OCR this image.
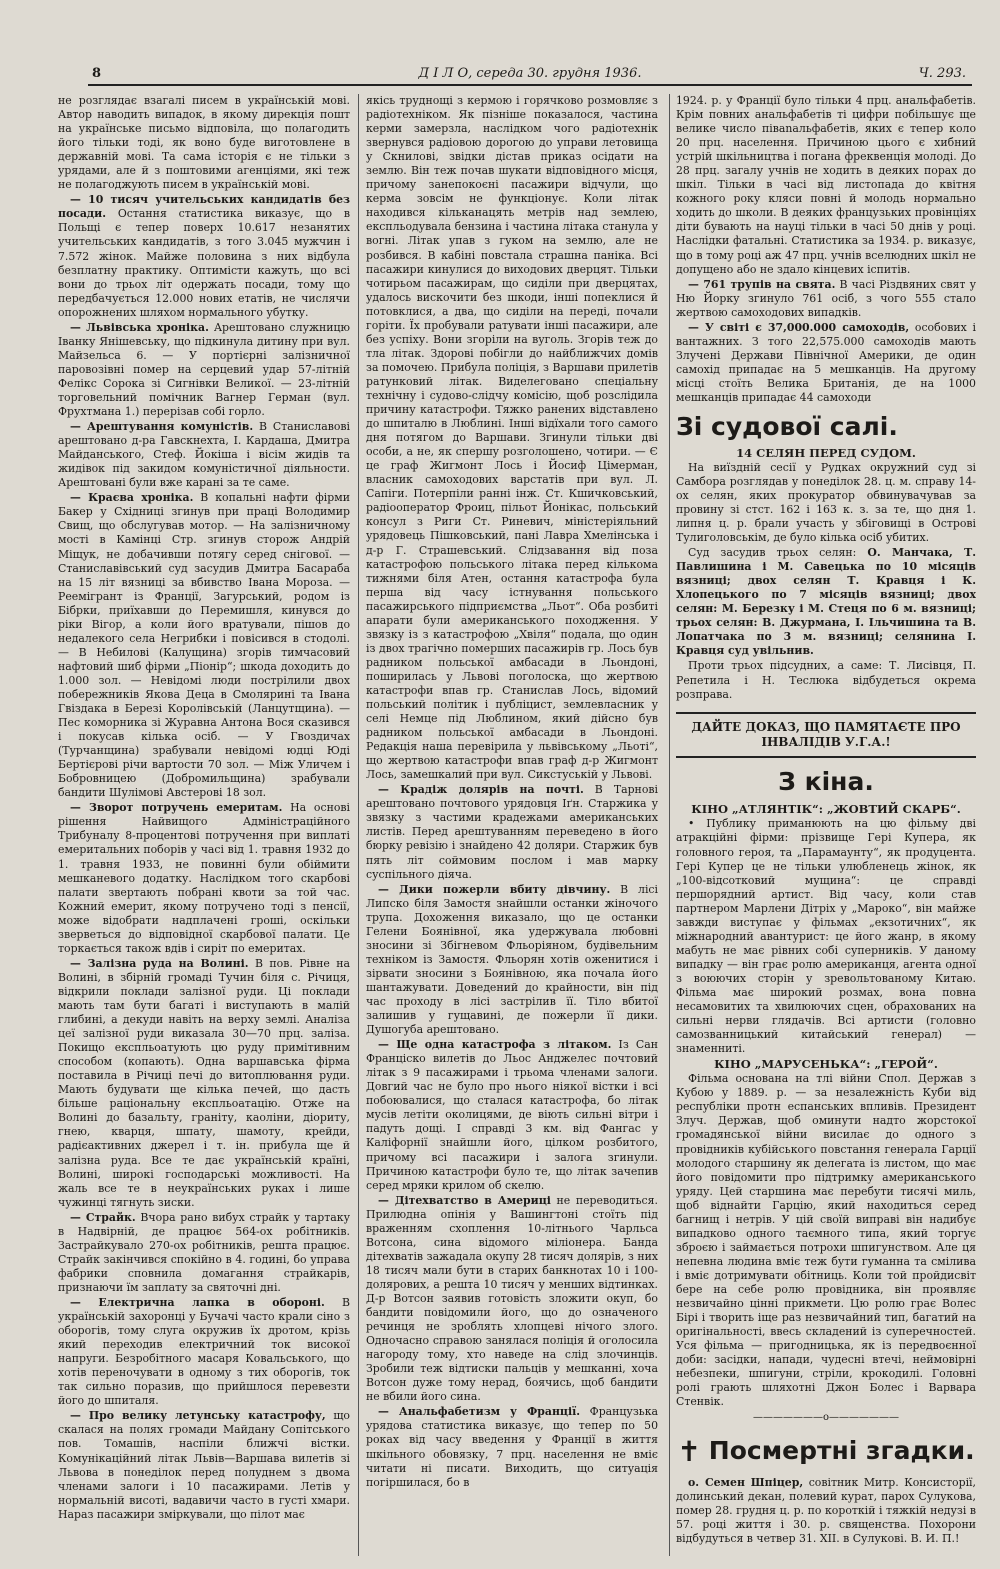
8	Д І Л О, середа 30. грудня 1936.	Ч. 293.

не розглядає взагалі писем в українській мові. Автор наводить випадок, в якому дирекція пошт на українське письмо відповіла, що полагодить його тільки тоді, як воно буде виготовлене в державній мові. Та сама історія є не тільки з урядами, але й з поштовими агенціями, які теж не полагоджують писем в українській мові.

— 10 тисяч учительських кандидатів без посади. Остання статистика виказує, що в Польщі є тепер поверх 10.617 незанятих учительських кандидатів, з того 3.045 мужчин і 7.572 жінок. Майже половина з них відбула безплатну практику. Оптимісти кажуть, що всі вони до трьох літ одержать посади, тому що передбачується 12.000 нових етатів, не числячи опорожнених шляхом нормального убутку.

— Львівська хроніка. Арештовано служницю Іванку Янішевську, що підкинула дитину при вул. Майзельса 6. — У портієрні залізничної паровозівні помер на серцевий удар 57-літній Фелікс Сорока зі Сигнівки Великої. — 23-літній торговельний помічник Вагнер Герман (вул. Фрухтмана 1.) перерізав собі горло.

— Арештування комуністів. В Станиславові арештовано д-ра Гавскнехта, І. Кардаша, Дмитра Майданського, Стеф. Йокіша і вісім жидів та жидівок під закидом комуністичної діяльности. Арештовані були вже карані за те саме.

— Краєва хроніка. В копальні нафти фірми Бакер у Східниці згинув при праці Володимир Свищ, що обслугував мотор. — На залізничному мості в Камінці Стр. згинув сторож Андрій Міщук, не добачивши потягу серед снігової. — Станиславівський суд засудив Дмитра Басараба на 15 літ вязниці за вбивство Івана Мороза. — Реемігрант із Франції, Загурський, родом із Бібрки, приїхавши до Перемишля, кинувся до ріки Вігор, а коли його вратували, пішов до недалекого села Негрибки і повісився в стодолі. — В Небилові (Калущина) згорів тимчасовий нафтовий шиб фірми „Піонір“; шкода доходить до 1.000 зол. — Невідомі люди пострілили двох побережників Якова Деца в Смолярині та Івана Гвіздака в Березі Королівській (Ланцутщина). — Пес коморника зі Журавна Антона Вося сказився і покусав кілька осіб. — У Гвоздичах (Турчанщина) зрабували невідомі юдці Юді Бертієрові річи вартости 70 зол. — Між Уличем і Бобровницею (Добромильщина) зрабували бандити Шулімові Австерові 18 зол.

— Зворот потручень емеритам. На основі рішення Найвищого Адміністраційного Трибуналу 8-процентові потручення при виплаті емеритальних поборів у часі від 1. травня 1932 до 1. травня 1933, не повинні були обіймити мешканевого додатку. Наслідком того скарбові палати звертають побрані квоти за той час. Кожний емерит, якому потручено тоді з пенсії, може відобрати надплачені гроші, оскільки зверветься до відповідної скарбової палати. Це торкається також вдів і сиріт по емеритах.

— Залізна руда на Волині. В пов. Рівне на Волині, в збірній громаді Тучин біля с. Річиця, відкрили поклади залізної руди. Ці поклади мають там бути багаті і виступають в малій глибині, а декуди навіть на верху землі. Аналіза цеї залізної руди виказала 30—70 прц. заліза. Покищо експльоатують цю руду примітивним способом (копають). Одна варшавська фірма поставила в Річиці печі до витоплювання руди. Мають будувати ще кілька печей, що дасть більше раціональну експльоатацію. Отже на Волині до базальту, граніту, каоліни, діориту, гнею, кварця, шпату, шамоту, крейди, радієактивних джерел і т. ін. прибула ще й залізна руда. Все те дає українській країні, Волині, широкі господарські можливості. На жаль все те в неукраїнських руках і лише чужинці тягнуть зиски.

— Страйк. Вчора рано вибух страйк у тартаку в Надвірній, де працює 564-ох робітників. Застрайкувало 270-ох робітників, решта працює. Страйк закінчився спокійно в 4. годині, бо управа фабрики сповнила домагання страйкарів, признаючи їм заплату за святочні дні.

— Електрична лапка в обороні. В українській захоронці у Бучачі часто крали сіно з оборогів, тому слуга окружив їх дротом, крізь який переходив електричний ток високої напруги. Безробітного масаря Ковальського, що хотів переночувати в одному з тих оборогів, ток так сильно поразив, що прийшлося перевезти його до шпиталя.

— Про велику летунську катастрофу, що скалася на полях громади Майдану Сопітського пов. Томашів, наспіли ближчі вістки. Комунікаційний літак Львів—Варшава вилетів зі Львова в понеділок перед полуднем з двома членами залоги і 10 пасажирами. Летів у нормальній висоті, вадавичи часто в густі хмари. Нараз пасажири зміркували, що пілот має

якісь труднощі з кермою і горячково розмовляє з радіотехніком. Як пізніше показалося, частина керми замерзла, наслідком чого радіотехнік звернувся радіовою дорогою до управи летовища у Скнилові, звідки дістав приказ осідати на землю. Він теж почав шукати відповідного місця, причому занепокоєні пасажири відчули, що керма зовсім не функціонує. Коли літак находився кільканацять метрів над землею, експльодувала бензина і частина літака станула у вогні. Літак упав з гуком на землю, але не розбився. В кабіні повстала страшна паніка. Всі пасажири кинулися до виходових дверцят. Тільки чотирьом пасажирам, що сиділи при дверцятах, удалось вискочити без шкоди, інші попеклися й потовклися, а два, що сиділи на переді, почали горіти. Їх пробували ратувати інші пасажири, але без успіху. Вони згоріли на вуголь. Згорів теж до тла літак. Здорові побігли до найближчих домів за помочею. Прибула поліція, з Варшави прилетів ратунковий літак. Виделеговано спеціальну технічну і судово-слідчу комісію, щоб розслідила причину катастрофи. Тяжко ранених відставлено до шпиталю в Люблині. Інші відїхали того самого дня потягом до Варшави. Згинули тільки дві особи, а не, як спершу розголошено, чотири. — Є це граф Жигмонт Лось і Йосиф Цімерман, власник самоходових варстатів при вул. Л. Сапіги. Потерпіли ранні інж. Ст. Кшичковський, радіооператор Фроиц, пільот Йонікас, польський консул з Риги Ст. Риневич, міністеріяльний урядовець Пішковський, пані Лавра Хмелінська і д-р Г. Страшевський. Слідзавання від поза катастрофою польського літака перед кількома тижнями біля Атен, остання катастрофа була перша від часу істнування польського пасажирського підприємства „Льот“. Оба розбиті апарати були американського походження. У звязку із з катастрофою „Хвіля“ подала, що один із двох трагічно померших пасажирів гр. Лось був радником польської амбасади в Льондоні, поширилась у Львові поголоска, що жертвою катастрофи впав гр. Станислав Лось, відомий польський політик і публіцист, землевласник у селі Немце під Люблином, який дійсно був радником польської амбасади в Льондоні. Редакція нашa перевірила у львівському „Льоті“, що жертвою катастрофи впав граф д-р Жигмонт Лось, замешкалий при вул. Сикстуській у Львові.

— Крадіж долярів на почті. В Тарнові арештовано почтового урядовця Іґн. Стaржика у звязку з частими крадежами американських листів. Перед арештуванням переведено в його бюрку ревізію і знайдено 42 доляри. Старжик був пять літ соймовим послом і мав марку суспільного діяча.

— Дики пожерли вбиту дівчину. В лісі Липско біля Замостя знайшли останки жіночого трупа. Дохоження виказало, що це останки Гелени Боянівної, яка удержувала любовні зносини зі Збігневом Фльоріяном, будівельним техніком із Замостя. Фльорян хотів оженитися і зірвати зносини з Боянівною, яка почала його шантажувати. Доведений до крайности, він під час проходу в лісі застрілив її. Тіло вбитої залишив у гущавині, де пожерли її дики. Душогуба арештовано.

— Ще одна катастрофа з літаком. Із Сан Франціско вилетів до Льос Анджелес почтовий літак з 9 пасажирами і трьома членами залоги. Довгий час не було про нього ніякої вістки і всі побоювалися, що сталася катастрофа, бо літак мусів летіти околицями, де віють сильні вітри і падуть дощі. І справді 3 км. від Фангас у Каліфорнії знайшли його, цілком розбитого, причому всі пасажири і залога згинули. Причиною катастрофи було те, що літак зачепив серед мряки крилом об скелю.

— Дітехватство в Америці не переводиться. Прилюдна опінія у Вашингтоні стоїть під враженням схоплення 10-літнього Чарльса Вотсона, сина відомого міліонера. Банда дітехватів зажадала окупу 28 тисяч долярів, з них 18 тисяч мали бути в старих банкнотах 10 і 100-долярових, а решта 10 тисяч у менших відтинках. Д-р Вотсон заявив готовість зложити окуп, бо бандити повідомили його, що до означеного речинця не зроблять хлопцеві нічого злого. Одночасно справою занялася поліція й оголосила нагороду тому, хто наведе на слід злочинців. Зробили теж відтиски пальців у мешканні, хоча Вотсон дуже тому нерад, боячись, щоб бандити не вбили його сина.

— Анальфабетизм у Франції. Французька урядова статистика виказує, що тепер по 50 роках від часу введення у Франції в життя шкільного обовязку, 7 прц. населення не вміє читати ні писати. Виходить, що ситуація погіршилася, бо в

1924. р. у Франції було тільки 4 прц. анальфабетів. Крім повних анальфабетів ті цифри побільшує ще велике число півanальфабетів, яких є тепер коло 20 прц. населення. Причиною цього є хибний устрій шкільництва і погана фреквенція молоді. До 28 прц. загалу учнів не ходить в деяких порах до шкіл. Тільки в часі від листопада до квітня кожного року кляси повні й молодь нормально ходить до школи. В деяких французьких провінціях діти бувають на науці тільки в часі 50 днів у році. Наслідки фатальні. Статистика за 1934. р. виказує, що в тому році аж 47 прц. учнів вселюдних шкіл не допущено або не здало кінцевих іспитів.

— 761 трупів на свята. В часі Різдвяних свят у Ню Йорку згинуло 761 осіб, з чого 555 стало жертвою самоходових випадків.

— У світі є 37,000.000 самоходів, особових і вантажних. З того 22,575.000 самоходів мають Злучені Держави Північної Америки, де один самохід припадає на 5 мешканців. На другому місці стоїть Велика Британія, де на 1000 мешканців припадає 44 самоходи

Зі судової салі.

14 СЕЛЯН ПЕРЕД СУДОМ.

На виїздній сесії у Рудках окружний суд зі Самбора розглядав у понеділок 28. ц. м. справу 14-ох селян, яких прокуратор обвинувачував за провину зі стст. 162 і 163 к. з. за те, що дня 1. липня ц. р. брали участь у збіговищі в Острові Тулиголовськім, де було кілька осіб убитих.

Суд засудив трьох селян: О. Манчака, Т. Павлишина і М. Савецька по 10 місяців вязниці; двох селян Т. Кравця і К. Хлопецького по 7 місяців вязниці; двох селян: М. Березку і М. Стеця по 6 м. вязниці; трьох селян: В. Джурмана, І. Ільчишина та В. Лопатчака по 3 м. вязниці; селянина І. Кравця суд увільнив.

Проти трьох підсудних, а саме: Т. Лисівця, П. Репетила і Н. Теслюка відбудеться окрема розправа.

ДАЙТЕ ДОКАЗ, ЩО ПАМЯТАЄТЕ ПРО ІНВАЛІДІВ У.Г.А.!
З кіна.

КІНО „АТЛЯНТІК“: „ЖОВТИЙ СКАРБ“.

• Публику приманюють на цю фільму дві атракційні фірми: прізвище Гері Купера, як головного героя, та „Парамаунту“, як продуцента. Гері Купер це не тільки улюбленець жінок, як „100-відсотковий мущина“: це справді першорядний артист. Від часу, коли став партнером Марлени Дітріх у „Мароко“, він майже завжди виступає у фільмах „екзотичних“, як міжнародний авантурист: це його жанр, в якому мабуть не має рівних собі суперників. У даному випадку — він грає ролю американця, агента одної з воюючих сторін у зревольтованому Китаю. Фільма має широкий розмах, вона повна несамовитих та хвилюючих сцен, обрахованих на сильні нерви глядачів. Всі артисти (головно самозванницький китайський генерал) — знаменниті.

КІНО „МАРУСЕНЬКА“: „ГЕРОЙ“.

Фільма основана на тлі війни Спол. Держав з Кубою у 1889. р. — за незалежність Куби від республіки протн еспанських впливів. Президент Злуч. Держав, щоб оминути надто жорстокої громадянської війни висилає до одного з провідників кубійського повстання генерала Гарції молодого старшину як делегата із листом, що має його повідомити про підтримку американського уряду. Цей старшина має перебути тисячі миль, щоб віднайти Гарцію, який находиться серед багнищ і нетрів. У цій своїй виправі він надибує випадково одного таємного типа, який торгує зброєю і займається потрохи шпигунством. Але ця непевна людина вміє теж бути гуманна та смілива і вміє дотримувати обітниць. Коли той пройдисвіт бере на себе ролю провідника, він проявляє незвичайно цінні прикмети. Цю ролю грає Волес Бірі і творить іще раз незвичайний тип, багатий на оригінальності, ввесь складений із суперечностей. Уся фільма — пригодницька, як із передвоєнної доби: засідки, напади, чудесні втечі, неймовірні небезпеки, шпигуни, стріли, крокодилі. Головні ролі грають шляхотні Джон Болес і Варвара Стенвік.

———————o———————
✝ Посмертні згадки.

о. Семен Шпіцер, совітник Митр. Консисторії, долинський декан, полевий курат, парох Сулукова, помер 28. грудня ц. р. по короткій і тяжкій недузі в 57. році життя і 30. р. священства. Похорони відбудуться в четвер 31. XII. в Сулукові. В. И. П.!
